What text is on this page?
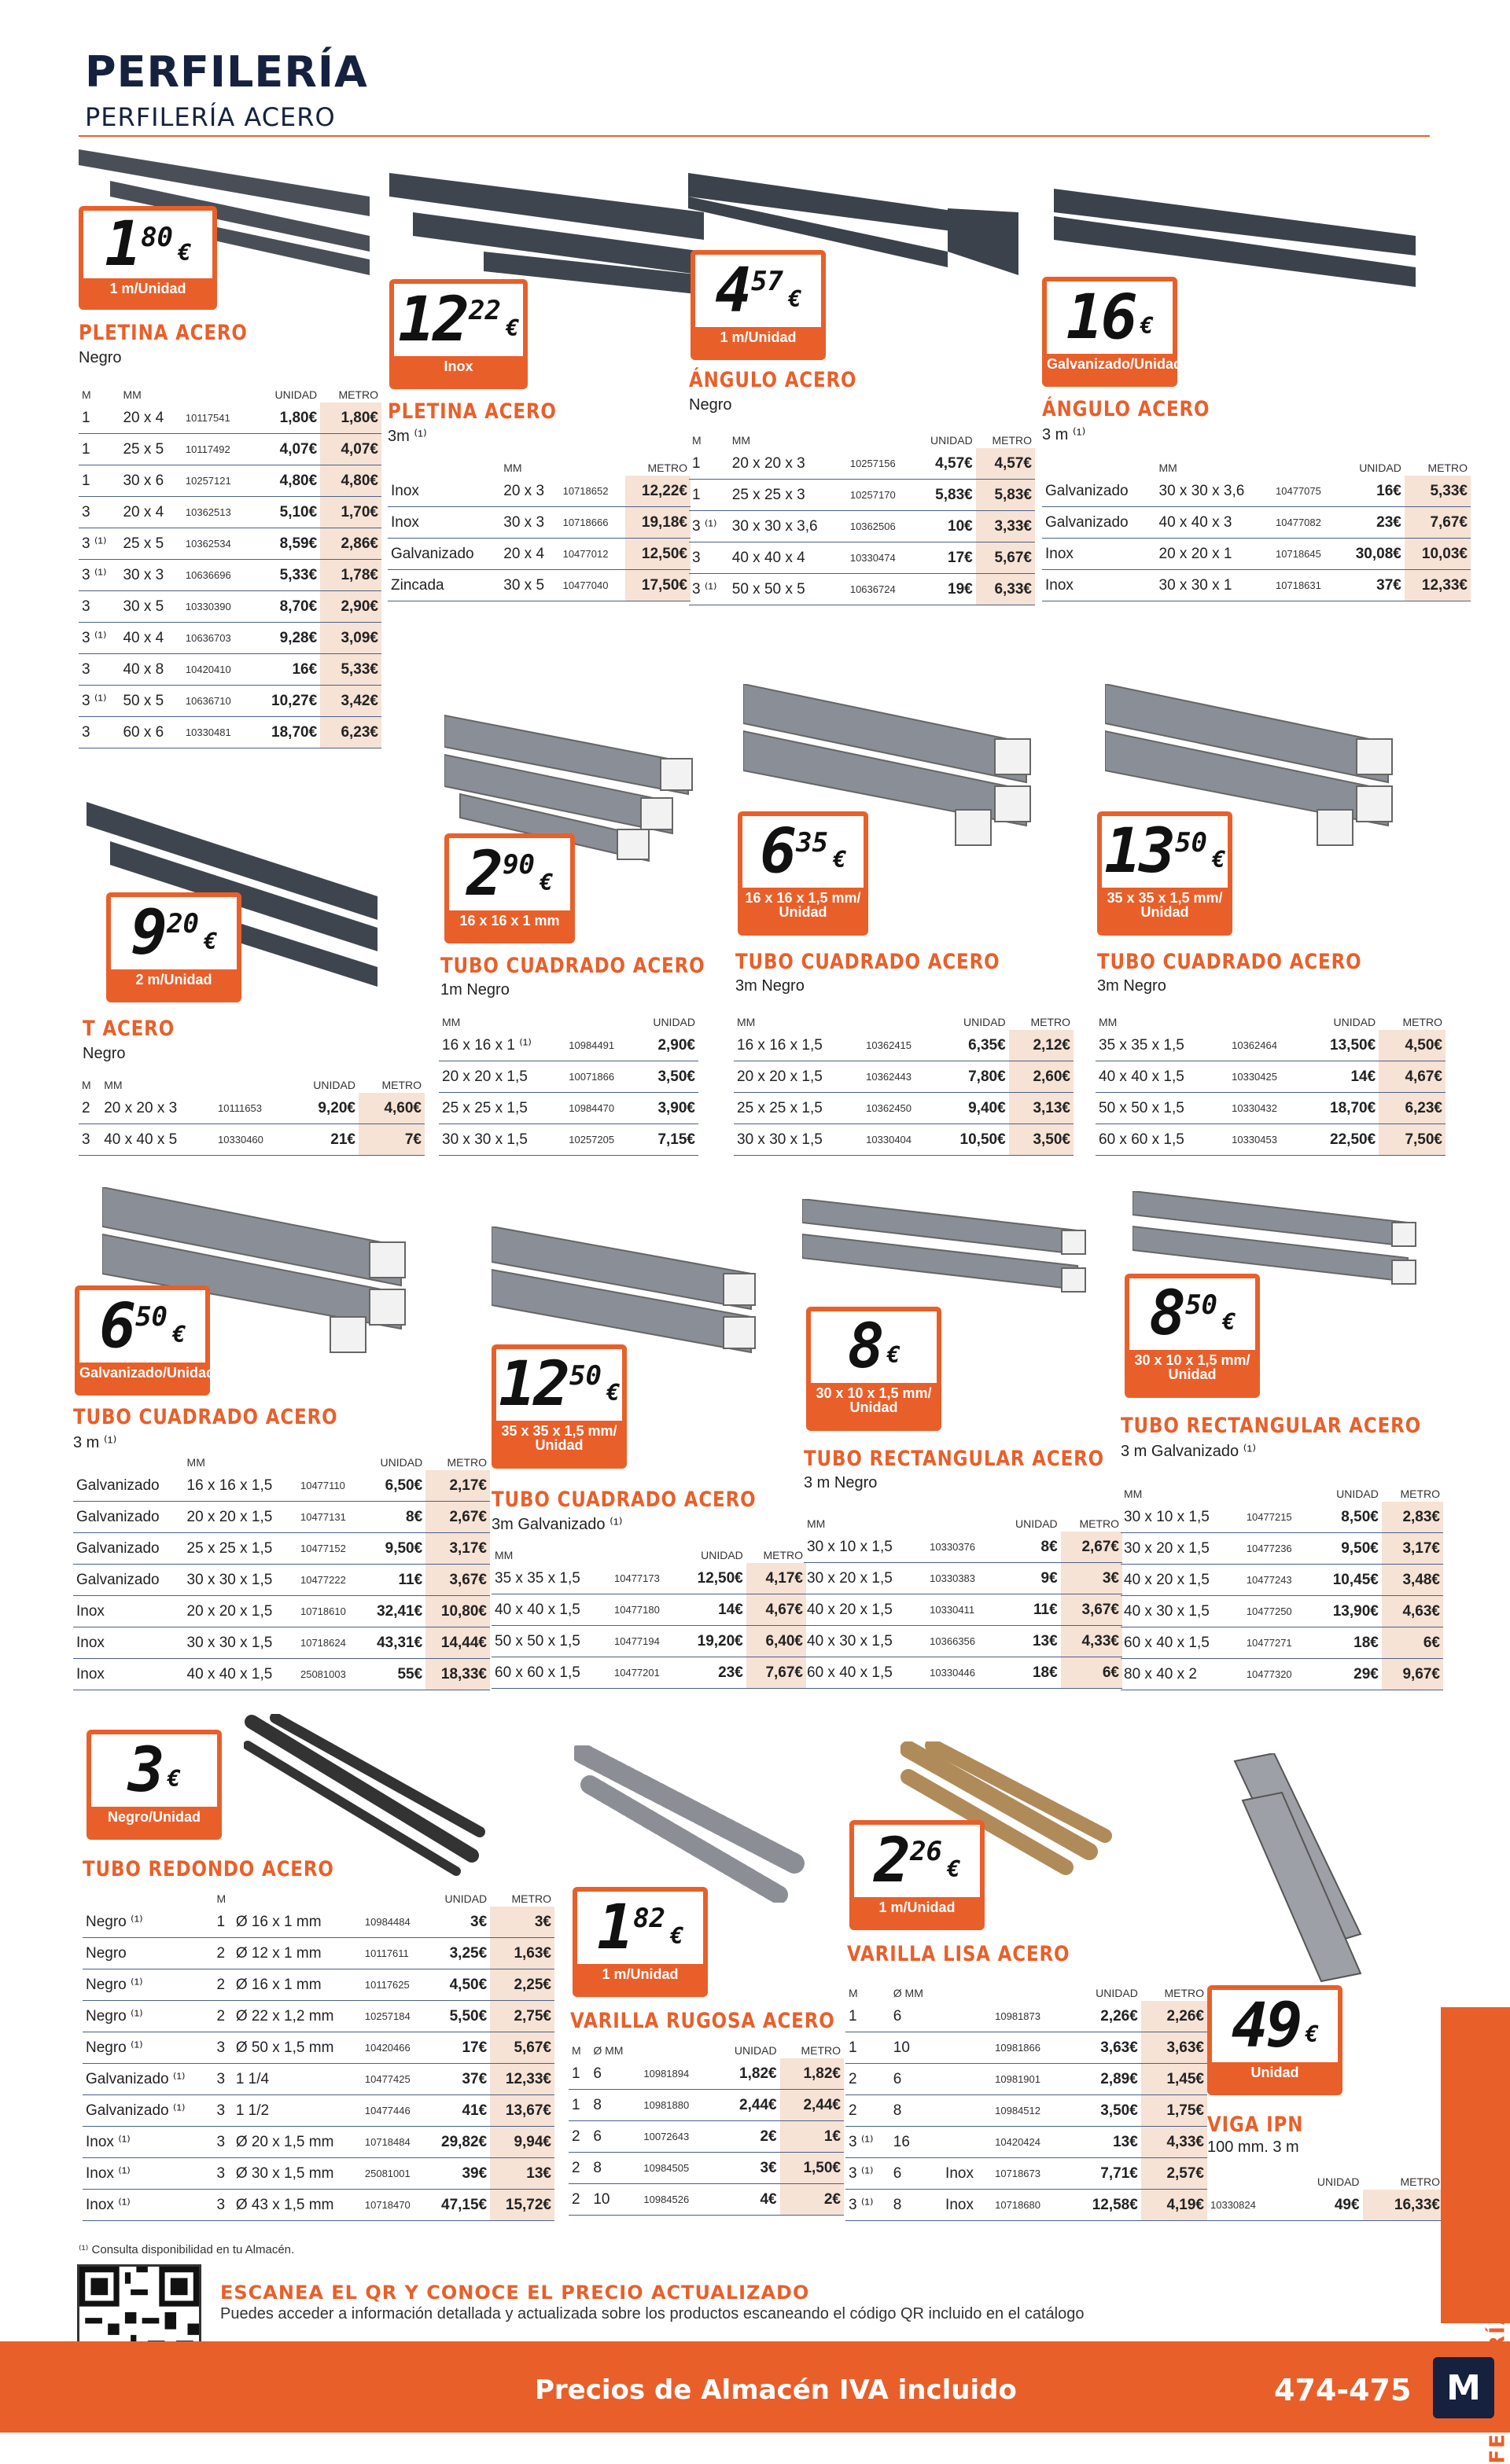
PERFILERÍA
PERFILERÍA ACERO
1 80 €
1 m/Unidad	12 22
€
Inox
4 57
€
1 m/Unidad	16 €
Galvanizado/Unidad
9 20
€
2 m/Unidad
2 90
€
16 x 16 x 1 mm
6 35
€
16 x 16 x 1,5 mm/ Unidad
13 50
€
35 x 35 x 1,5 mm/ Unidad
6 50
€
Galvanizado/Unidad	12 50
€
35 x 35 x 1,5 mm/ Unidad
8 €
30 x 10 x 1,5 mm/ Unidad
8 50
€
30 x 10 x 1,5 mm/ Unidad
3 €
Negro/Unidad
1 82
€
1 m/Unidad
2 26
€
1 m/Unidad
49 €
Unidad
PLETINA ACERO
Negro
PLETINA ACERO
3m ⁽¹⁾
ÁNGULO ACERO
Negro	ÁNGULO ACERO
3 m ⁽¹⁾
T ACERO
Negro
TUBO CUADRADO ACERO
1m Negro
TUBO CUADRADO ACERO
3m Negro
TUBO CUADRADO ACERO
3m Negro
TUBO CUADRADO ACERO
3 m ⁽¹⁾
TUBO CUADRADO ACERO
3m Galvanizado ⁽¹⁾
TUBO RECTANGULAR ACERO
3 m Negro
TUBO RECTANGULAR ACERO
3 m Galvanizado ⁽¹⁾
TUBO REDONDO ACERO
VARILLA RUGOSA ACERO
VARILLA LISA ACERO
VIGA IPN
100 mm. 3 m
M	MM		UNIDAD	METRO
1	20 x 4	10117541	1,80€	1,80€
1	25 x 5	10117492	4,07€	4,07€
1	30 x 6	10257121	4,80€	4,80€
3	20 x 4	10362513	5,10€	1,70€
3 ⁽¹⁾	25 x 5	10362534	8,59€	2,86€
3 ⁽¹⁾	30 x 3	10636696	5,33€	1,78€
3	30 x 5	10330390	8,70€	2,90€
3 ⁽¹⁾	40 x 4	10636703	9,28€	3,09€
3	40 x 8	10420410	16€	5,33€
3 ⁽¹⁾	50 x 5	10636710	10,27€	3,42€
3	60 x 6	10330481	18,70€	6,23€
	MM		METRO
Inox	20 x 3	10718652	12,22€
Inox	30 x 3	10718666	19,18€
Galvanizado	20 x 4	10477012	12,50€
Zincada	30 x 5	10477040	17,50€
M	MM		UNIDAD	METRO
1	20 x 20 x 3	10257156	4,57€	4,57€
1	25 x 25 x 3	10257170	5,83€	5,83€
3 ⁽¹⁾	30 x 30 x 3,6	10362506	10€	3,33€
3	40 x 40 x 4	10330474	17€	5,67€
3 ⁽¹⁾	50 x 50 x 5	10636724	19€	6,33€
	MM		UNIDAD	METRO
Galvanizado	30 x 30 x 3,6	10477075	16€	5,33€
Galvanizado	40 x 40 x 3	10477082	23€	7,67€
Inox	20 x 20 x 1	10718645	30,08€	10,03€
Inox	30 x 30 x 1	10718631	37€	12,33€
M	MM		UNIDAD	METRO
2	20 x 20 x 3	10111653	9,20€	4,60€
3	40 x 40 x 5	10330460	21€	7€
MM		UNIDAD
16 x 16 x 1 ⁽¹⁾	10984491	2,90€
20 x 20 x 1,5	10071866	3,50€
25 x 25 x 1,5	10984470	3,90€
30 x 30 x 1,5	10257205	7,15€
MM		UNIDAD	METRO
16 x 16 x 1,5	10362415	6,35€	2,12€
20 x 20 x 1,5	10362443	7,80€	2,60€
25 x 25 x 1,5	10362450	9,40€	3,13€
30 x 30 x 1,5	10330404	10,50€	3,50€
MM		UNIDAD	METRO
35 x 35 x 1,5	10362464	13,50€	4,50€
40 x 40 x 1,5	10330425	14€	4,67€
50 x 50 x 1,5	10330432	18,70€	6,23€
60 x 60 x 1,5	10330453	22,50€	7,50€
	MM		UNIDAD	METRO
Galvanizado	16 x 16 x 1,5	10477110	6,50€	2,17€
Galvanizado	20 x 20 x 1,5	10477131	8€	2,67€
Galvanizado	25 x 25 x 1,5	10477152	9,50€	3,17€
Galvanizado	30 x 30 x 1,5	10477222	11€	3,67€
Inox	20 x 20 x 1,5	10718610	32,41€	10,80€
Inox	30 x 30 x 1,5	10718624	43,31€	14,44€
Inox	40 x 40 x 1,5	25081003	55€	18,33€
MM		UNIDAD	METRO
35 x 35 x 1,5	10477173	12,50€	4,17€
40 x 40 x 1,5	10477180	14€	4,67€
50 x 50 x 1,5	10477194	19,20€	6,40€
60 x 60 x 1,5	10477201	23€	7,67€
MM		UNIDAD	METRO
30 x 10 x 1,5	10330376	8€	2,67€
30 x 20 x 1,5	10330383	9€	3€
40 x 20 x 1,5	10330411	11€	3,67€
40 x 30 x 1,5	10366356	13€	4,33€
60 x 40 x 1,5	10330446	18€	6€
MM		UNIDAD	METRO
30 x 10 x 1,5	10477215	8,50€	2,83€
30 x 20 x 1,5	10477236	9,50€	3,17€
40 x 20 x 1,5	10477243	10,45€	3,48€
40 x 30 x 1,5	10477250	13,90€	4,63€
60 x 40 x 1,5	10477271	18€	6€
80 x 40 x 2	10477320	29€	9,67€
	M			UNIDAD	METRO
Negro ⁽¹⁾	1	Ø 16 x 1 mm	10984484	3€	3€
Negro	2	Ø 12 x 1 mm	10117611	3,25€	1,63€
Negro ⁽¹⁾	2	Ø 16 x 1 mm	10117625	4,50€	2,25€
Negro ⁽¹⁾	2	Ø 22 x 1,2 mm	10257184	5,50€	2,75€
Negro ⁽¹⁾	3	Ø 50 x 1,5 mm	10420466	17€	5,67€
Galvanizado ⁽¹⁾	3	1 1/4	10477425	37€	12,33€
Galvanizado ⁽¹⁾	3	1 1/2	10477446	41€	13,67€
Inox ⁽¹⁾	3	Ø 20 x 1,5 mm	10718484	29,82€	9,94€
Inox ⁽¹⁾	3	Ø 30 x 1,5 mm	25081001	39€	13€
Inox ⁽¹⁾	3	Ø 43 x 1,5 mm	10718470	47,15€	15,72€
M	Ø MM		UNIDAD	METRO
1	6	10981894	1,82€	1,82€
1	8	10981880	2,44€	2,44€
2	6	10072643	2€	1€
2	8	10984505	3€	1,50€
2	10	10984526	4€	2€
M	Ø MM			UNIDAD	METRO
1	6		10981873	2,26€	2,26€
1	10		10981866	3,63€	3,63€
2	6		10981901	2,89€	1,45€
2	8		10984512	3,50€	1,75€
3 ⁽¹⁾	16		10420424	13€	4,33€
3 ⁽¹⁾	6	Inox	10718673	7,71€	2,57€
3 ⁽¹⁾	8	Inox	10718680	12,58€	4,19€
	UNIDAD	METRO
10330824	49€	16,33€
⁽¹⁾ Consulta disponibilidad en tu Almacén.
ESCANEA EL QR Y CONOCE EL PRECIO ACTUALIZADO
Puedes acceder a información detallada y actualizada sobre los productos escaneando el código QR incluido en el catálogo
Precios de Almacén IVA incluido	474-475	M
